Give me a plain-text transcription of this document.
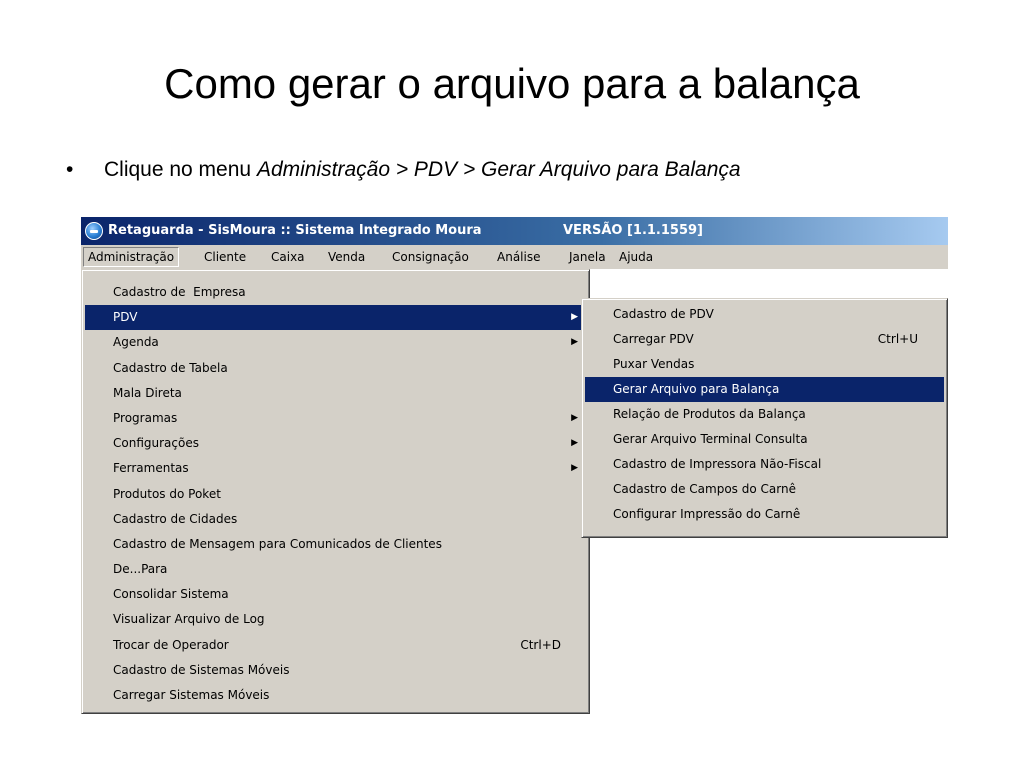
Como gerar o arquivo para a balança
• Clique no menu Administração > PDV > Gerar Arquivo para Balança
Retaguarda - SisMoura :: Sistema Integrado Moura	VERSÃO [1.1.1559]
Administração	Cliente	Caixa	Venda	Consignação	Análise	Janela	Ajuda
Cadastro de  Empresa
PDV	▶
Agenda	▶
Cadastro de Tabela
Mala Direta
Programas	▶
Configurações	▶
Ferramentas	▶
Produtos do Poket
Cadastro de Cidades
Cadastro de Mensagem para Comunicados de Clientes
De...Para
Consolidar Sistema
Visualizar Arquivo de Log
Trocar de Operador	Ctrl+D
Cadastro de Sistemas Móveis
Carregar Sistemas Móveis
Cadastro de PDV
Carregar PDV	Ctrl+U
Puxar Vendas
Gerar Arquivo para Balança
Relação de Produtos da Balança
Gerar Arquivo Terminal Consulta
Cadastro de Impressora Não-Fiscal
Cadastro de Campos do Carnê
Configurar Impressão do Carnê
